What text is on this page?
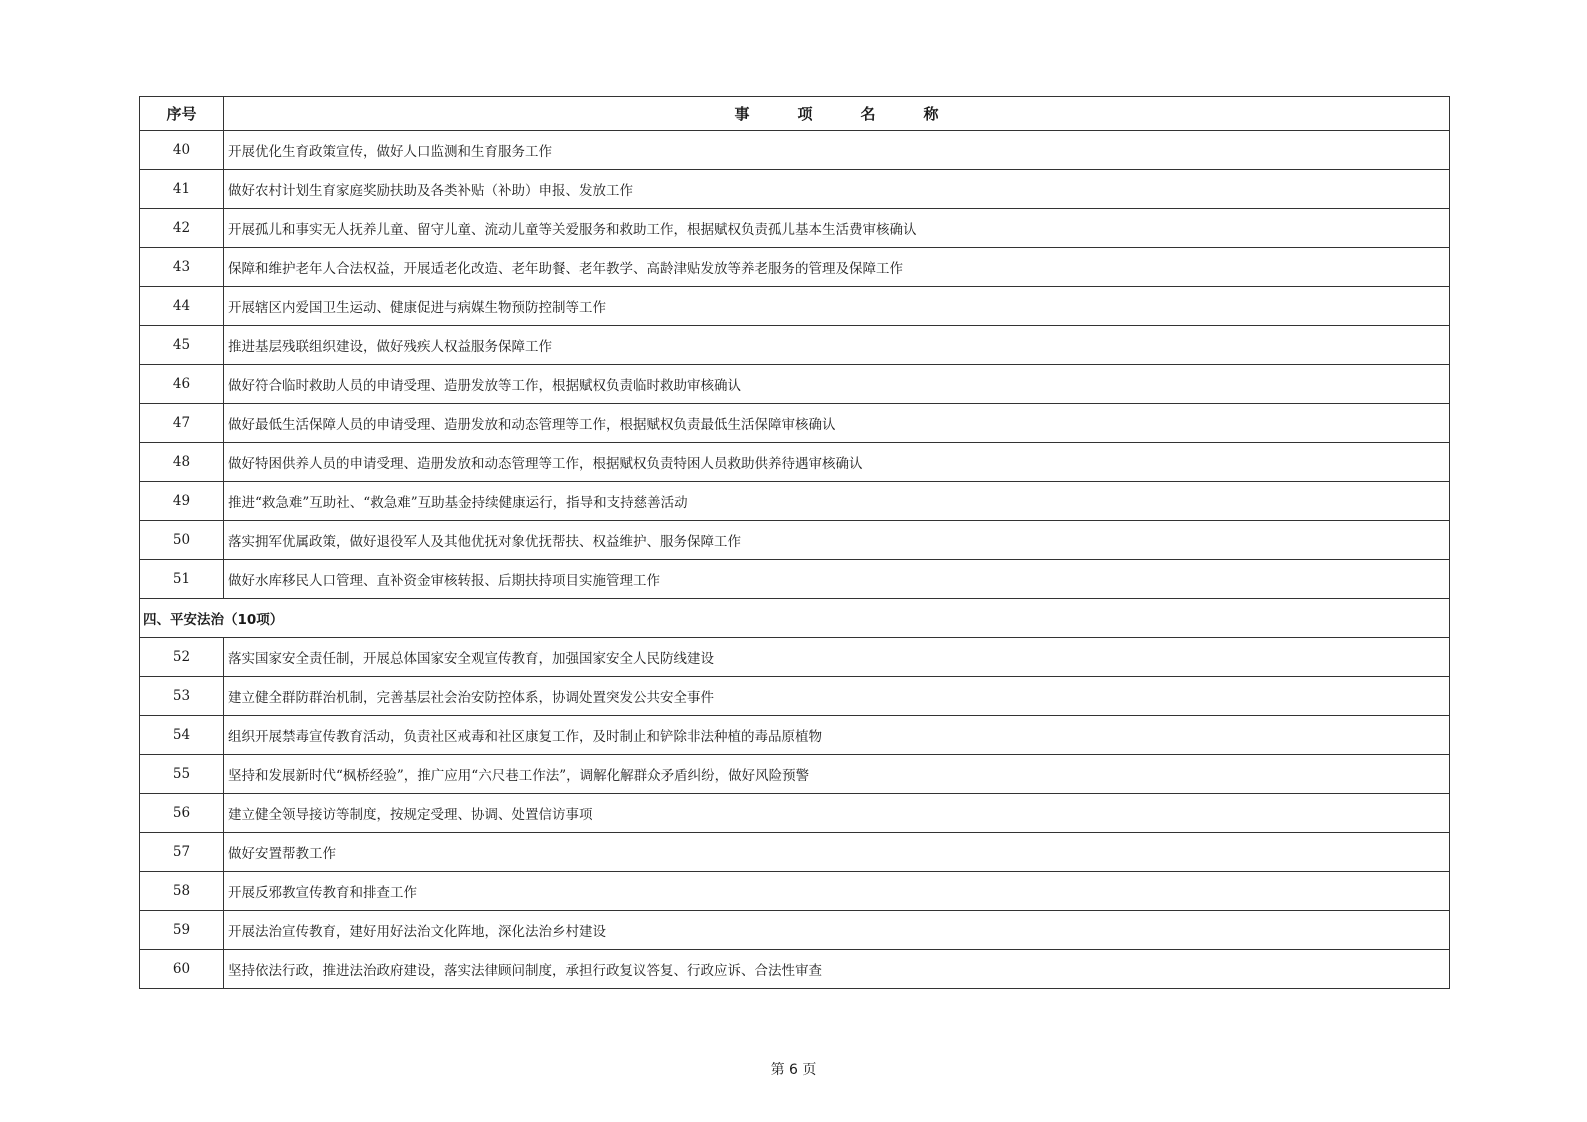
序号	事项名称
40	开展优化生育政策宣传，做好人口监测和生育服务工作
41	做好农村计划生育家庭奖励扶助及各类补贴（补助）申报、发放工作
42	开展孤儿和事实无人抚养儿童、留守儿童、流动儿童等关爱服务和救助工作，根据赋权负责孤儿基本生活费审核确认
43	保障和维护老年人合法权益，开展适老化改造、老年助餐、老年教学、高龄津贴发放等养老服务的管理及保障工作
44	开展辖区内爱国卫生运动、健康促进与病媒生物预防控制等工作
45	推进基层残联组织建设，做好残疾人权益服务保障工作
46	做好符合临时救助人员的申请受理、造册发放等工作，根据赋权负责临时救助审核确认
47	做好最低生活保障人员的申请受理、造册发放和动态管理等工作，根据赋权负责最低生活保障审核确认
48	做好特困供养人员的申请受理、造册发放和动态管理等工作，根据赋权负责特困人员救助供养待遇审核确认
49	推进“救急难”互助社、“救急难”互助基金持续健康运行，指导和支持慈善活动
50	落实拥军优属政策，做好退役军人及其他优抚对象优抚帮扶、权益维护、服务保障工作
51	做好水库移民人口管理、直补资金审核转报、后期扶持项目实施管理工作
四、平安法治（10项）	
52	落实国家安全责任制，开展总体国家安全观宣传教育，加强国家安全人民防线建设
53	建立健全群防群治机制，完善基层社会治安防控体系，协调处置突发公共安全事件
54	组织开展禁毒宣传教育活动，负责社区戒毒和社区康复工作，及时制止和铲除非法种植的毒品原植物
55	坚持和发展新时代“枫桥经验”，推广应用“六尺巷工作法”，调解化解群众矛盾纠纷，做好风险预警
56	建立健全领导接访等制度，按规定受理、协调、处置信访事项
57	做好安置帮教工作
58	开展反邪教宣传教育和排查工作
59	开展法治宣传教育，建好用好法治文化阵地，深化法治乡村建设
60	坚持依法行政，推进法治政府建设，落实法律顾问制度，承担行政复议答复、行政应诉、合法性审查
第 6 页
